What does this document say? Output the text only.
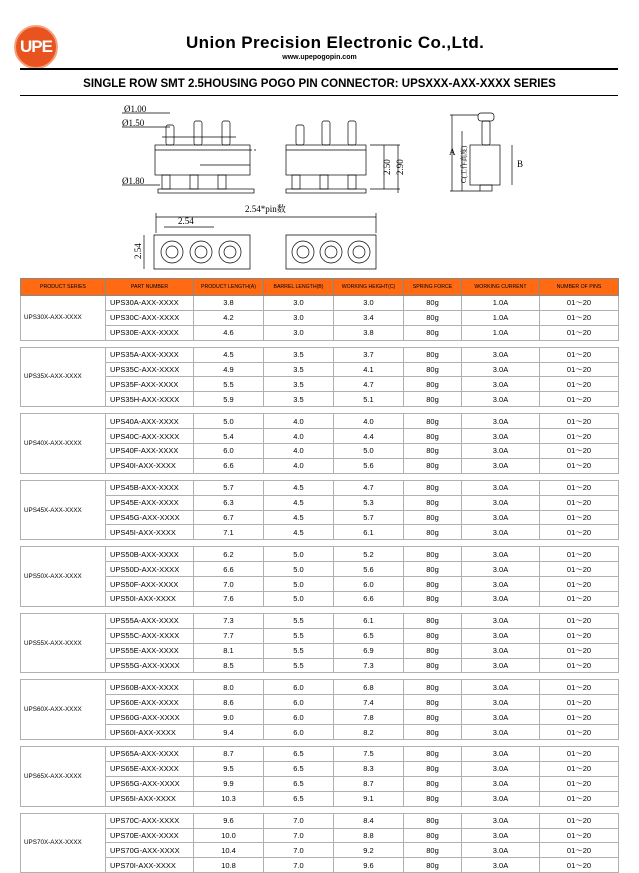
UPE	Union Precision Electronic Co.,Ltd.
www.upepogopin.com
SINGLE ROW SMT 2.5HOUSING POGO PIN CONNECTOR: UPSXXX-AXX-XXXX SERIES
Ø1.00
Ø1.50
Ø1.80
2.50 2.90
A
B
C(工作高度)
2.54*pin数
2.54
2.54
PRODUCT SERIES	PART NUMBER	PRODUCT LENGTH(A)	BARREL LENGTH(B)	WORKING HEIGHT(C)	SPRING FORCE	WORKING CURRENT	NUMBER OF PINS
UPS30X-AXX-XXXX	UPS30A-AXX-XXXX	3.8	3.0	3.0	80g	1.0A	01～20
	UPS30C-AXX-XXXX	4.2	3.0	3.4	80g	1.0A	01～20
	UPS30E-AXX-XXXX	4.6	3.0	3.8	80g	1.0A	01～20

UPS35X-AXX-XXXX	UPS35A-AXX-XXXX	4.5	3.5	3.7	80g	3.0A	01～20
	UPS35C-AXX-XXXX	4.9	3.5	4.1	80g	3.0A	01～20
	UPS35F-AXX-XXXX	5.5	3.5	4.7	80g	3.0A	01～20
	UPS35H-AXX-XXXX	5.9	3.5	5.1	80g	3.0A	01～20

UPS40X-AXX-XXXX	UPS40A-AXX-XXXX	5.0	4.0	4.0	80g	3.0A	01～20
	UPS40C-AXX-XXXX	5.4	4.0	4.4	80g	3.0A	01～20
	UPS40F-AXX-XXXX	6.0	4.0	5.0	80g	3.0A	01～20
	UPS40I-AXX-XXXX	6.6	4.0	5.6	80g	3.0A	01～20

UPS45X-AXX-XXXX	UPS45B-AXX-XXXX	5.7	4.5	4.7	80g	3.0A	01～20
	UPS45E-AXX-XXXX	6.3	4.5	5.3	80g	3.0A	01～20
	UPS45G-AXX-XXXX	6.7	4.5	5.7	80g	3.0A	01～20
	UPS45I-AXX-XXXX	7.1	4.5	6.1	80g	3.0A	01～20

UPS50X-AXX-XXXX	UPS50B-AXX-XXXX	6.2	5.0	5.2	80g	3.0A	01～20
	UPS50D-AXX-XXXX	6.6	5.0	5.6	80g	3.0A	01～20
	UPS50F-AXX-XXXX	7.0	5.0	6.0	80g	3.0A	01～20
	UPS50I-AXX-XXXX	7.6	5.0	6.6	80g	3.0A	01～20

UPS55X-AXX-XXXX	UPS55A-AXX-XXXX	7.3	5.5	6.1	80g	3.0A	01～20
	UPS55C-AXX-XXXX	7.7	5.5	6.5	80g	3.0A	01～20
	UPS55E-AXX-XXXX	8.1	5.5	6.9	80g	3.0A	01～20
	UPS55G-AXX-XXXX	8.5	5.5	7.3	80g	3.0A	01～20

UPS60X-AXX-XXXX	UPS60B-AXX-XXXX	8.0	6.0	6.8	80g	3.0A	01～20
	UPS60E-AXX-XXXX	8.6	6.0	7.4	80g	3.0A	01～20
	UPS60G-AXX-XXXX	9.0	6.0	7.8	80g	3.0A	01～20
	UPS60I-AXX-XXXX	9.4	6.0	8.2	80g	3.0A	01～20

UPS65X-AXX-XXXX	UPS65A-AXX-XXXX	8.7	6.5	7.5	80g	3.0A	01～20
	UPS65E-AXX-XXXX	9.5	6.5	8.3	80g	3.0A	01～20
	UPS65G-AXX-XXXX	9.9	6.5	8.7	80g	3.0A	01～20
	UPS65I-AXX-XXXX	10.3	6.5	9.1	80g	3.0A	01～20

UPS70X-AXX-XXXX	UPS70C-AXX-XXXX	9.6	7.0	8.4	80g	3.0A	01～20
	UPS70E-AXX-XXXX	10.0	7.0	8.8	80g	3.0A	01～20
	UPS70G-AXX-XXXX	10.4	7.0	9.2	80g	3.0A	01～20
	UPS70I-AXX-XXXX	10.8	7.0	9.6	80g	3.0A	01～20
